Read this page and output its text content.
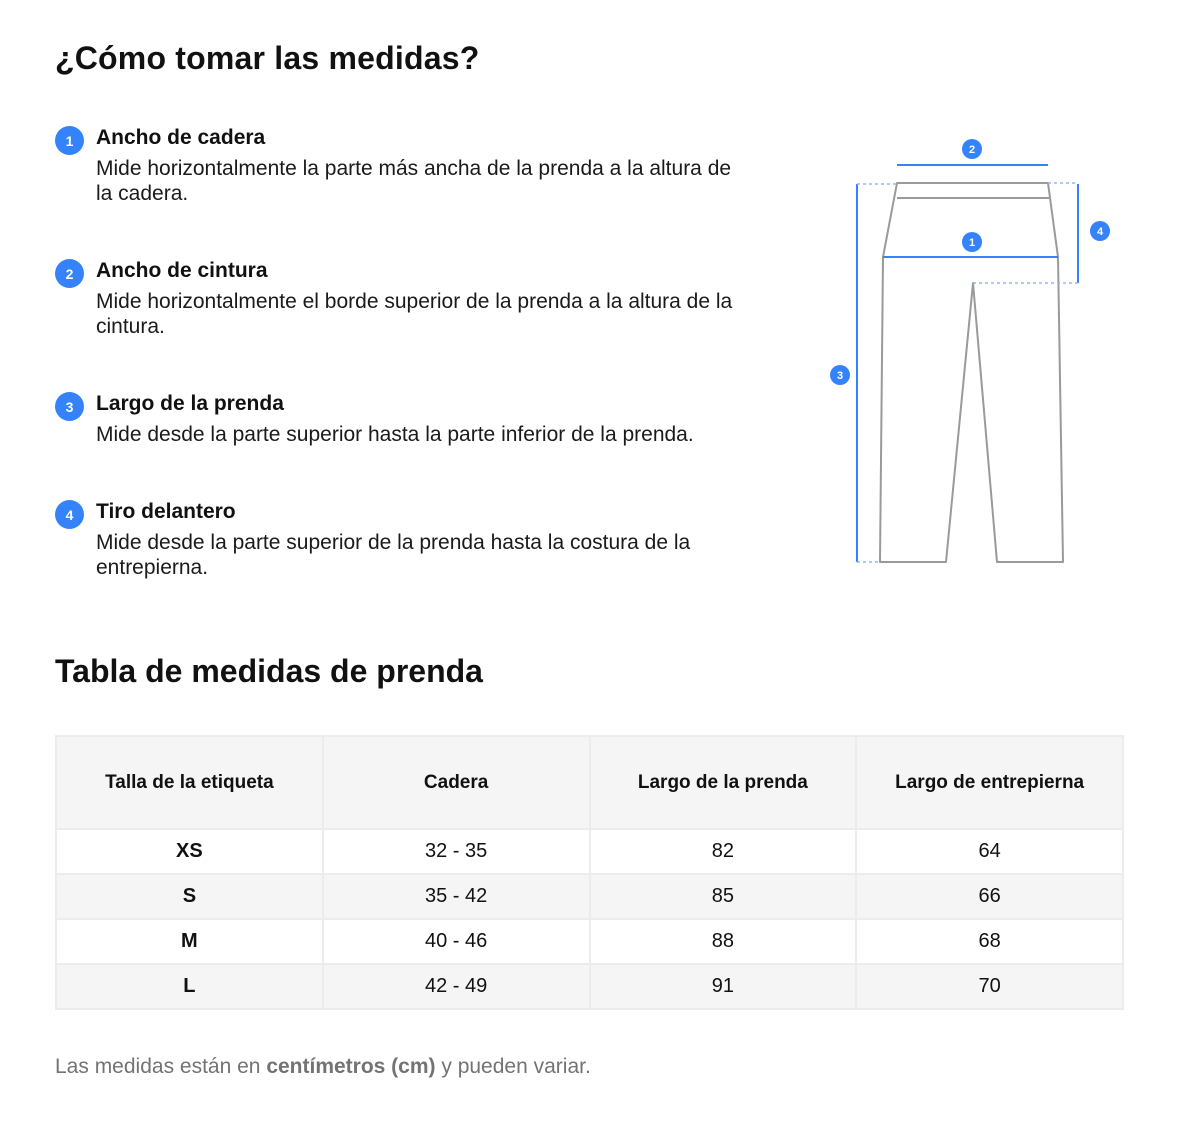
¿Cómo tomar las medidas?
1	Ancho de cadera
Mide horizontalmente la parte más ancha de la prenda a la altura de la cadera.
2	Ancho de cintura
Mide horizontalmente el borde superior de la prenda a la altura de la cintura.
3	Largo de la prenda
Mide desde la parte superior hasta la parte inferior de la prenda.
4	Tiro delantero
Mide desde la parte superior de la prenda hasta la costura de la entrepierna.
2
1
3
4
Tabla de medidas de prenda
Talla de la etiqueta	Cadera	Largo de la prenda	Largo de entrepierna
XS	32 - 35	82	64
S	35 - 42	85	66
M	40 - 46	88	68
L	42 - 49	91	70

Las medidas están en centímetros (cm) y pueden variar.
